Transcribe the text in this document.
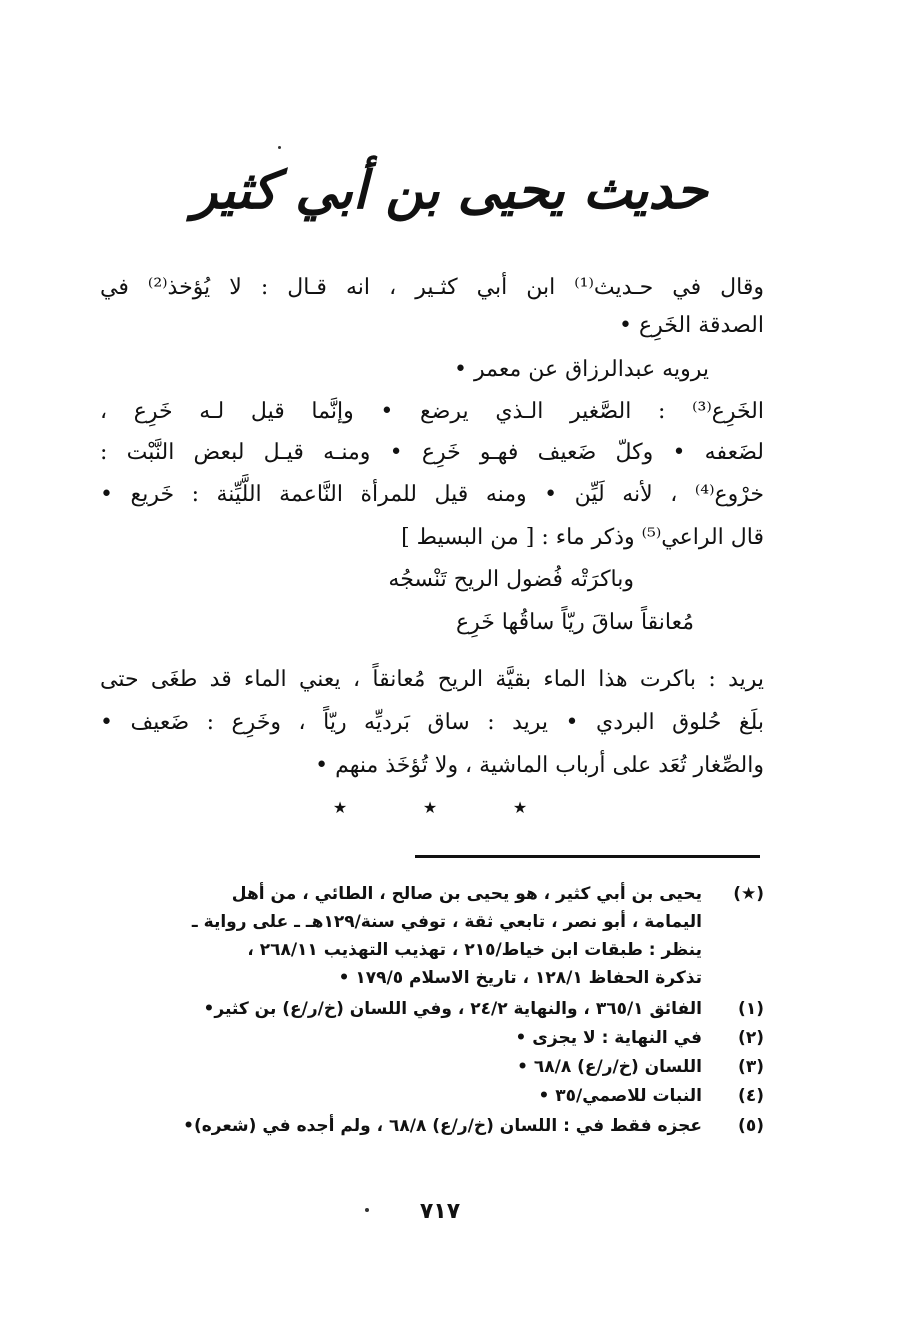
حديث يحيى بن أبي كثير
وقال في حـديث⁽¹⁾ ابن أبي كثـير ، انه قـال : لا يُؤخذ⁽²⁾ في
الصدقة الخَرِع •
يرويه عبدالرزاق عن معمر •
الخَرِع⁽³⁾ : الصَّغير الـذي يرضع • وإنَّما قيل لـه خَرِع ،
لضَعفه • وكلّ ضَعيف فهـو خَرِع • ومنـه قيـل لبعض النَّبْت :
خرْوع⁽⁴⁾ ، لأنه لَيِّن • ومنه قيل للمرأة النَّاعمة اللَّيِّنة : خَريع •
قال الراعي⁽⁵⁾ وذكر ماء : [ من البسيط ]
وباكرَتْه فُضول الريح تَنْسجُه
مُعانقاً ساقَ ريّاً ساقُها خَرِع
يريد : باكرت هذا الماء بقيَّة الريح مُعانقاً ، يعني الماء قد طغَى حتى
بلَغ حُلوق البردي • يريد : ساق بَرديِّه ريّاً ، وخَرِع : ضَعيف •
والصِّغار تُعَد على أرباب الماشية ، ولا تُؤخَذ منهم •
★	★	★
(★)
يحيى بن أبي كثير ، هو يحيى بن صالح ، الطائي ، من أهل
اليمامة ، أبو نصر ، تابعي ثقة ، توفي سنة/١٢٩هـ ـ على رواية ـ
ينظر : طبقات ابن خياط/٢١٥ ، تهذيب التهذيب ٢٦٨/١١ ،
تذكرة الحفاظ ١٢٨/١ ، تاريخ الاسلام ١٧٩/٥ •
(١)
الفائق ٣٦٥/١ ، والنهاية ٢٤/٢ ، وفي اللسان (خ/ر/ع) بن كثير•
(٢)
في النهاية : لا يجزى •
(٣)
اللسان (خ/ر/ع) ٦٨/٨ •
(٤)
النبات للاصمي/٣٥ •
(٥)
عجزه فقط في : اللسان (خ/ر/ع) ٦٨/٨ ، ولم أجده في (شعره)•
٧١٧
